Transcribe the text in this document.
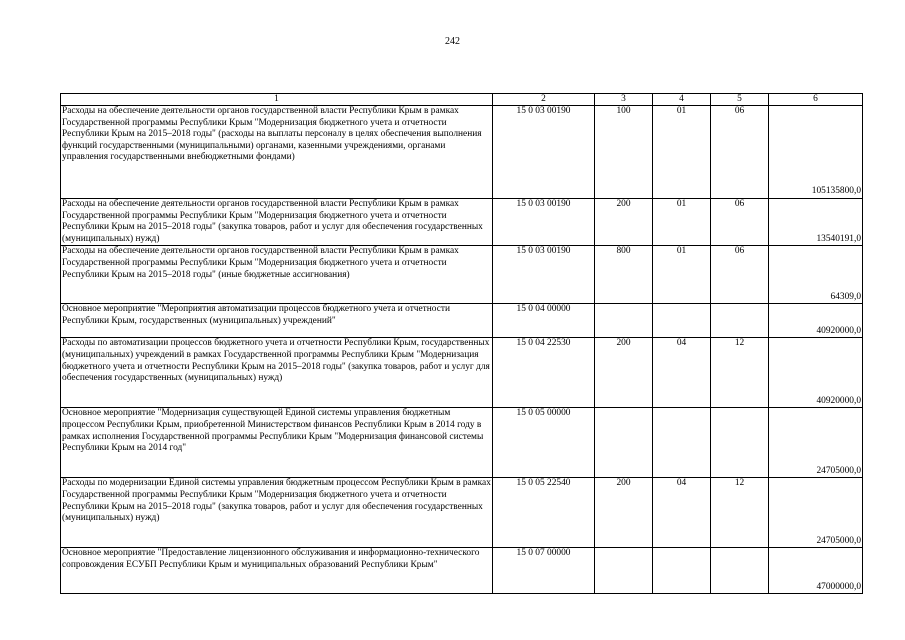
242
1	2	3	4	5	6
Расходы на обеспечение деятельности органов государственной власти Республики Крым в рамках Государственной программы Республики Крым "Модернизация бюджетного учета и отчетности Республики Крым на 2015–2018 годы" (расходы на выплаты персоналу в целях обеспечения выполнения функций государственными (муниципальными) органами, казенными учреждениями, органами управления государственными внебюджетными фондами)	15 0 03 00190	100	01	06	105135800,0
Расходы на обеспечение деятельности органов государственной власти Республики Крым в рамках Государственной программы Республики Крым "Модернизация бюджетного учета и отчетности Республики Крым на 2015–2018 годы" (закупка товаров, работ и услуг для обеспечения государственных (муниципальных) нужд)	15 0 03 00190	200	01	06	13540191,0
Расходы на обеспечение деятельности органов государственной власти Республики Крым в рамках Государственной программы Республики Крым "Модернизация бюджетного учета и отчетности Республики Крым на 2015–2018 годы" (иные бюджетные ассигнования)	15 0 03 00190	800	01	06	64309,0
Основное мероприятие "Мероприятия автоматизации процессов бюджетного учета и отчетности Республики Крым, государственных (муниципальных) учреждений"	15 0 04 00000				40920000,0
Расходы по автоматизации процессов бюджетного учета и отчетности Республики Крым, государственных (муниципальных) учреждений в рамках Государственной программы Республики Крым "Модернизация бюджетного учета и отчетности Республики Крым на 2015–2018 годы" (закупка товаров, работ и услуг для обеспечения государственных (муниципальных) нужд)	15 0 04 22530	200	04	12	40920000,0
Основное мероприятие "Модернизация существующей Единой системы управления бюджетным процессом Республики Крым, приобретенной Министерством финансов Республики Крым в 2014 году в рамках исполнения Государственной программы Республики Крым "Модернизация финансовой системы Республики Крым на 2014 год"	15 0 05 00000				24705000,0
Расходы по модернизации Единой системы управления бюджетным процессом Республики Крым в рамках Государственной программы Республики Крым "Модернизация бюджетного учета и отчетности Республики Крым на 2015–2018 годы" (закупка товаров, работ и услуг для обеспечения государственных (муниципальных) нужд)	15 0 05 22540	200	04	12	24705000,0
Основное мероприятие "Предоставление лицензионного обслуживания и информационно-технического сопровождения ЕСУБП Республики Крым и муниципальных образований Республики Крым"	15 0 07 00000				47000000,0
